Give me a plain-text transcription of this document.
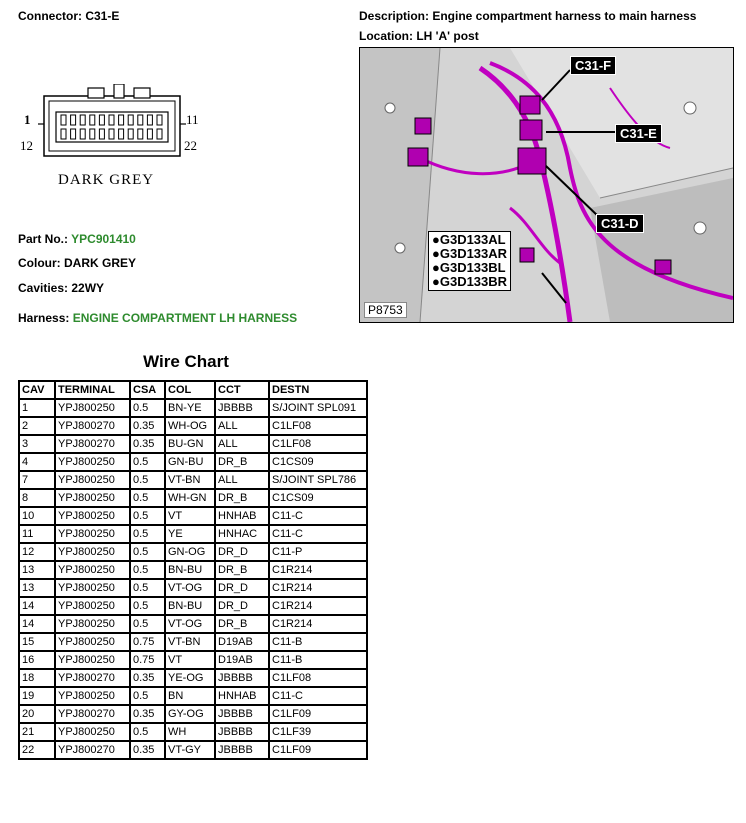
Connector: C31-E
1	11
12	22
DARK GREY
Part No.: YPC901410
Colour: DARK GREY
Cavities: 22WY
Harness: ENGINE COMPARTMENT LH HARNESS
Description: Engine compartment harness to main harness
Location: LH 'A' post
C31-F
C31-E
C31-D
●G3D133AL
●G3D133AR
●G3D133BL
●G3D133BR
P8753
Wire Chart
CAV	TERMINAL	CSA	COL	CCT	DESTN
1	YPJ800250	0.5	BN-YE	JBBBB	S/JOINT SPL091
2	YPJ800270	0.35	WH-OG	ALL	C1LF08
3	YPJ800270	0.35	BU-GN	ALL	C1LF08
4	YPJ800250	0.5	GN-BU	DR_B	C1CS09
7	YPJ800250	0.5	VT-BN	ALL	S/JOINT SPL786
8	YPJ800250	0.5	WH-GN	DR_B	C1CS09
10	YPJ800250	0.5	VT	HNHAB	C11-C
11	YPJ800250	0.5	YE	HNHAC	C11-C
12	YPJ800250	0.5	GN-OG	DR_D	C11-P
13	YPJ800250	0.5	BN-BU	DR_B	C1R214
13	YPJ800250	0.5	VT-OG	DR_D	C1R214
14	YPJ800250	0.5	BN-BU	DR_D	C1R214
14	YPJ800250	0.5	VT-OG	DR_B	C1R214
15	YPJ800250	0.75	VT-BN	D19AB	C11-B
16	YPJ800250	0.75	VT	D19AB	C11-B
18	YPJ800270	0.35	YE-OG	JBBBB	C1LF08
19	YPJ800250	0.5	BN	HNHAB	C11-C
20	YPJ800270	0.35	GY-OG	JBBBB	C1LF09
21	YPJ800250	0.5	WH	JBBBB	C1LF39
22	YPJ800270	0.35	VT-GY	JBBBB	C1LF09
